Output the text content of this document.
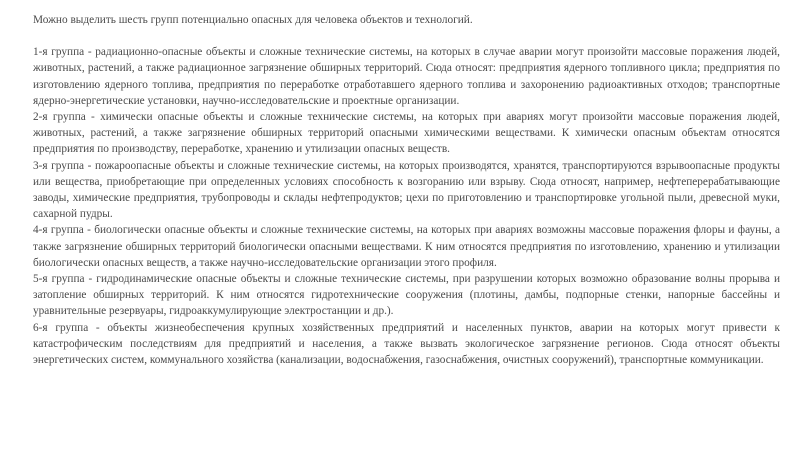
Можно выделить шесть групп потенциально опасных для человека объектов и технологий.

1-я группа - радиационно-опасные объекты и сложные технические системы, на которых в случае аварии могут произойти массовые поражения людей, животных, растений, а также радиационное загрязнение обширных территорий. Сюда относят: предприятия ядерного топливного цикла; предприятия по изготовлению ядерного топлива, предприятия по переработке отработавшего ядерного топлива и захоронению радиоактивных отходов; транспортные ядерно-энергетические установки, научно-исследовательские и проектные организации.

2-я группа - химически опасные объекты и сложные технические системы, на которых при авариях могут произойти массовые поражения людей, животных, растений, а также загрязнение обширных территорий опасными химическими веществами. К химически опасным объектам относятся предприятия по производству, переработке, хранению и утилизации опасных веществ.

3-я группа - пожароопасные объекты и сложные технические системы, на которых производятся, хранятся, транспортируются взрывоопасные продукты или вещества, приобретающие при определенных условиях способность к возгоранию или взрыву. Сюда относят, например, нефтеперерабатывающие заводы, химические предприятия, трубопроводы и склады нефтепродуктов; цехи по приготовлению и транспортировке угольной пыли, древесной муки, сахарной пудры.

4-я группа - биологически опасные объекты и сложные технические системы, на которых при авариях возможны массовые поражения флоры и фауны, а также загрязнение обширных территорий биологически опасными веществами. К ним относятся предприятия по изготовлению, хранению и утилизации биологически опасных веществ, а также научно-исследовательские организации этого профиля.

5-я группа - гидродинамические опасные объекты и сложные технические системы, при разрушении которых возможно образование волны прорыва и затопление обширных территорий. К ним относятся гидротехнические сооружения (плотины, дамбы, подпорные стенки, напорные бассейны и уравнительные резервуары, гидроаккумулирующие электростанции и др.).

6-я группа - объекты жизнеобеспечения крупных хозяйственных предприятий и населенных пунктов, аварии на которых могут привести к катастрофическим последствиям для предприятий и населения, а также вызвать экологическое загрязнение регионов. Сюда относят объекты энергетических систем, коммунального хозяйства (канализации, водоснабжения, газоснабжения, очистных сооружений), транспортные коммуникации.
